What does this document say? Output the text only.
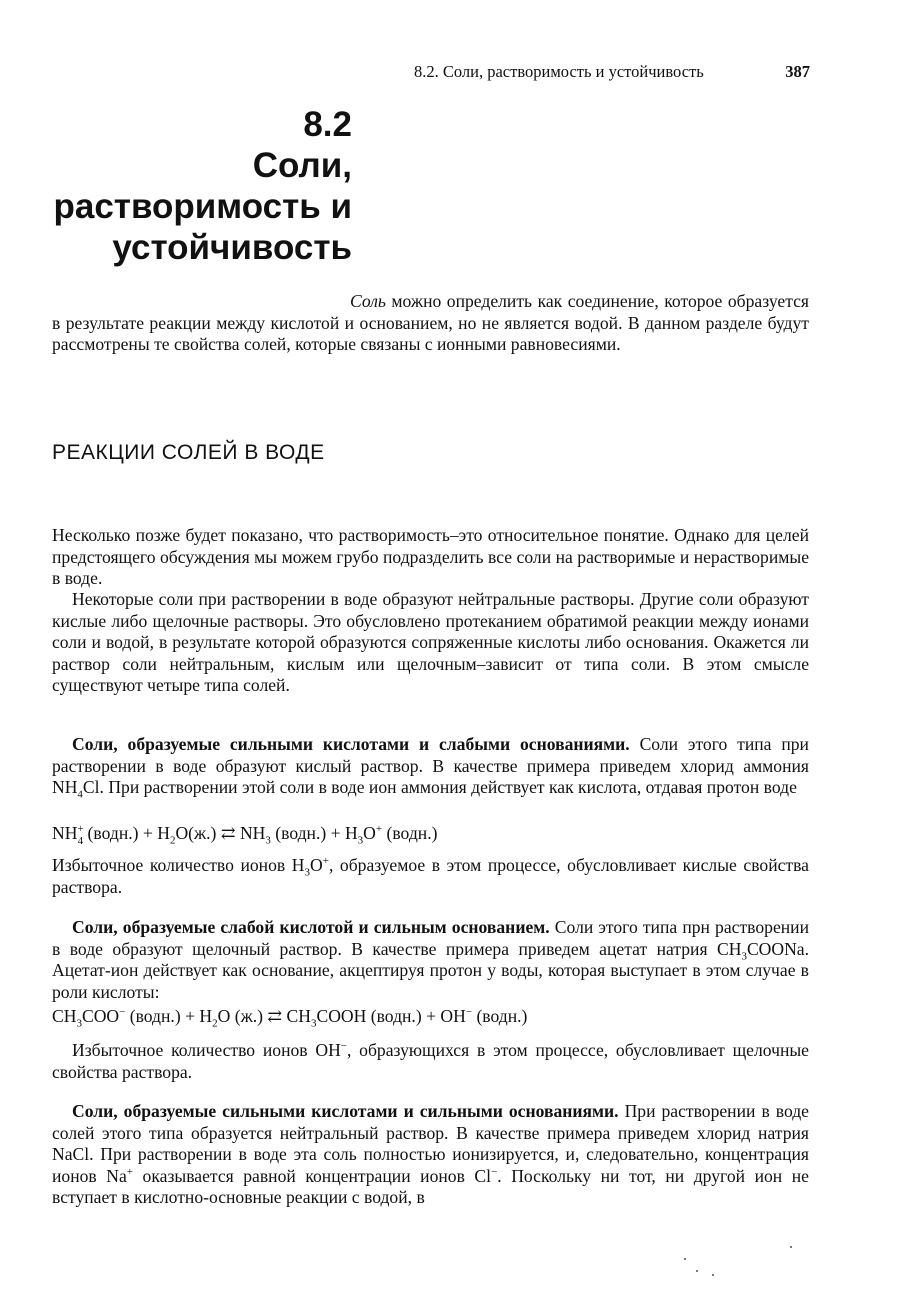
8.2. Соли, растворимость и устойчивость	387
8.2
Соли,
растворимость и
устойчивость
Соль можно определить как соединение, которое образуется в результате реакции между кислотой и основанием, но не является водой. В данном разделе будут рассмотрены те свойства солей, которые связаны с ионными равновесиями.
РЕАКЦИИ СОЛЕЙ В ВОДЕ
Несколько позже будет показано, что растворимость–это относительное понятие. Однако для целей предстоящего обсуждения мы можем грубо подразделить все соли на растворимые и нерастворимые в воде.
Некоторые соли при растворении в воде образуют нейтральные растворы. Другие соли образуют кислые либо щелочные растворы. Это обусловлено протеканием обратимой реакции между ионами соли и водой, в результате которой образуются сопряженные кислоты либо основания. Окажется ли раствор соли нейтральным, кислым или щелочным–зависит от типа соли. В этом смысле существуют четыре типа солей.
Соли, образуемые сильными кислотами и слабыми основаниями. Соли этого типа при растворении в воде образуют кислый раствор. В качестве примера приведем хлорид аммония $NH_4Cl$. При растворении этой соли в воде ион аммония действует как кислота, отдавая протон воде
$NH^+_4$ (водн.) + $H_2O(ж.)$ ⇄ $NH_3$ (водн.) + $H_3O^+$ (водн.)
Избыточное количество ионов $H_3O^+$, образуемое в этом процессе, обусловливает кислые свойства раствора.
Соли, образуемые слабой кислотой и сильным основанием. Соли этого типа прн растворении в воде образуют щелочный раствор. В качестве примера приведем ацетат натрия $CH_3COONa$. Ацетат-ион действует как основание, акцептируя протон у воды, которая выступает в этом случае в роли кислоты:
$CH_3COO^-$ (водн.) + $H_2O$ (ж.) ⇄ $CH_3COOH$ (водн.) + OH− (водн.)
Избыточное количество ионов OH−, образующихся в этом процессе, обусловливает щелочные свойства раствора.
Соли, образуемые сильными кислотами и сильными основаниями. При растворении в воде солей этого типа образуется нейтральный раствор. В качестве примера приведем хлорид натрия NaCl. При растворении в воде эта соль полностью ионизируется, и, следовательно, концентрация ионов Na+ оказывается равной концентрации ионов Cl−. Поскольку ни тот, ни другой ион не вступает в кислотно-основные реакции с водой, в
